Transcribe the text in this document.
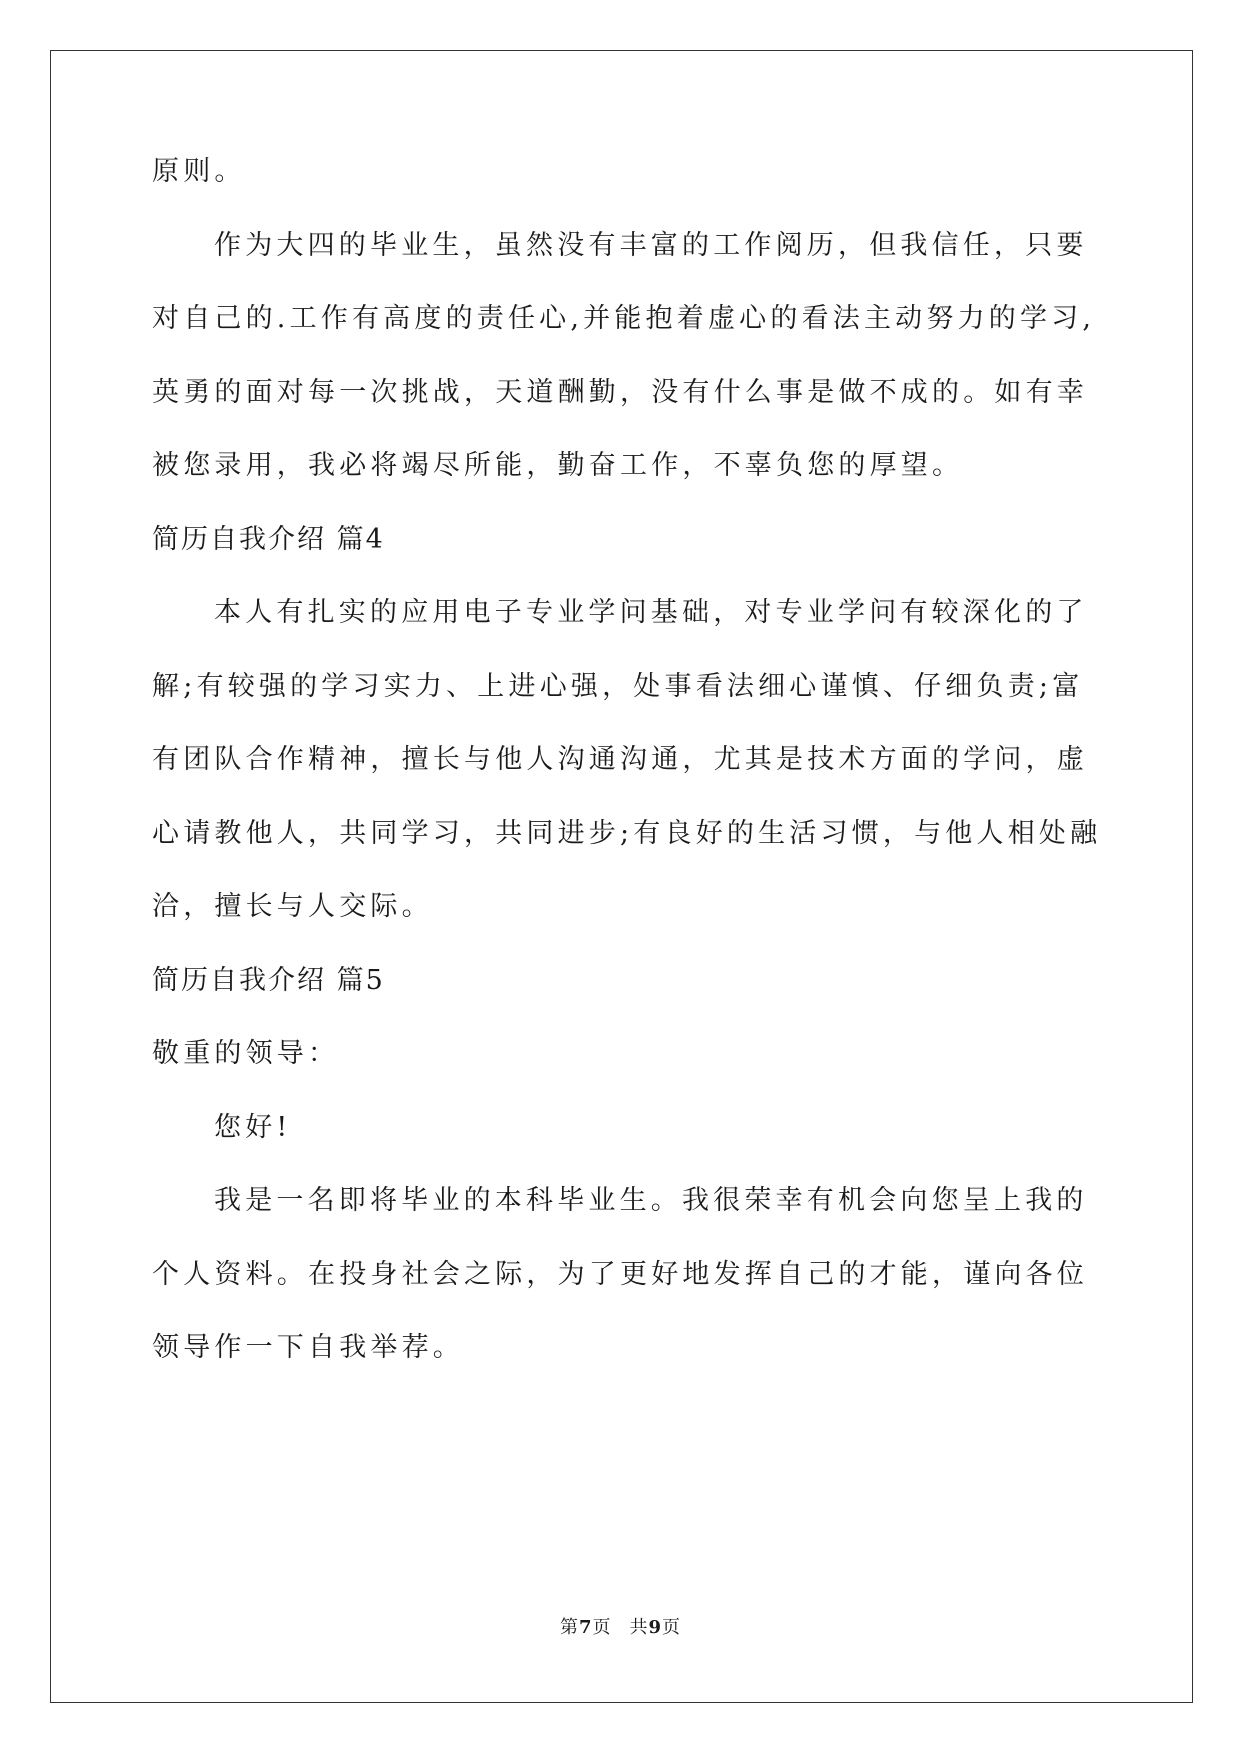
原则。
作为大四的毕业生，虽然没有丰富的工作阅历，但我信任，只要
对自己的.工作有高度的责任心,并能抱着虚心的看法主动努力的学习,
英勇的面对每一次挑战，天道酬勤，没有什么事是做不成的。如有幸
被您录用，我必将竭尽所能，勤奋工作，不辜负您的厚望。
简历自我介绍 篇4
本人有扎实的应用电子专业学问基础，对专业学问有较深化的了
解;有较强的学习实力、上进心强，处事看法细心谨慎、仔细负责;富
有团队合作精神，擅长与他人沟通沟通，尤其是技术方面的学问，虚
心请教他人，共同学习，共同进步;有良好的生活习惯，与他人相处融
洽，擅长与人交际。
简历自我介绍 篇5
敬重的领导：
您好!
我是一名即将毕业的本科毕业生。我很荣幸有机会向您呈上我的
个人资料。在投身社会之际，为了更好地发挥自己的才能，谨向各位
领导作一下自我举荐。
第7页 共9页
